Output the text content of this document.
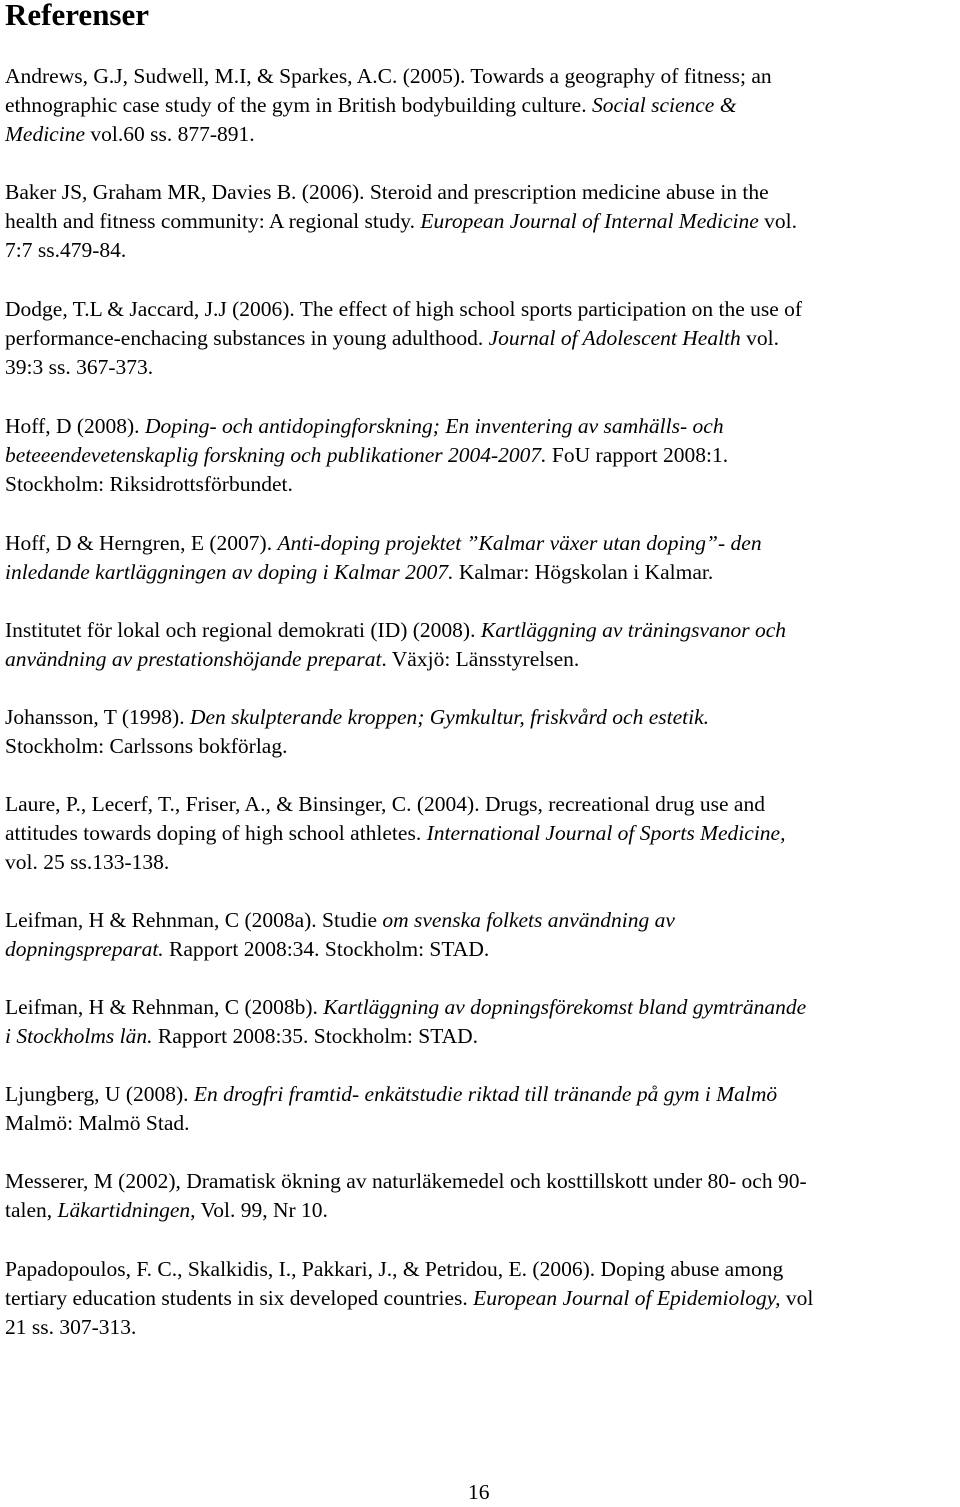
Referenser

Andrews, G.J, Sudwell, M.I, & Sparkes, A.C. (2005). Towards a geography of fitness; an
ethnographic case study of the gym in British bodybuilding culture. Social science &
Medicine vol.60 ss. 877-891.

Baker JS, Graham MR, Davies B. (2006). Steroid and prescription medicine abuse in the
health and fitness community: A regional study. European Journal of Internal Medicine vol.
7:7 ss.479-84.

Dodge, T.L & Jaccard, J.J (2006). The effect of high school sports participation on the use of
performance-enchacing substances in young adulthood. Journal of Adolescent Health vol.
39:3 ss. 367-373.

Hoff, D (2008). Doping- och antidopingforskning; En inventering av samhälls- och
beteeendevetenskaplig forskning och publikationer 2004-2007. FoU rapport 2008:1.
Stockholm: Riksidrottsförbundet.

Hoff, D & Herngren, E (2007). Anti-doping projektet ”Kalmar växer utan doping”- den
inledande kartläggningen av doping i Kalmar 2007. Kalmar: Högskolan i Kalmar.

Institutet för lokal och regional demokrati (ID) (2008). Kartläggning av träningsvanor och
användning av prestationshöjande preparat. Växjö: Länsstyrelsen.

Johansson, T (1998). Den skulpterande kroppen; Gymkultur, friskvård och estetik.
Stockholm: Carlssons bokförlag.

Laure, P., Lecerf, T., Friser, A., & Binsinger, C. (2004). Drugs, recreational drug use and
attitudes towards doping of high school athletes. International Journal of Sports Medicine,
vol. 25 ss.133-138.

Leifman, H & Rehnman, C (2008a). Studie om svenska folkets användning av
dopningspreparat. Rapport 2008:34. Stockholm: STAD.

Leifman, H & Rehnman, C (2008b). Kartläggning av dopningsförekomst bland gymtränande
i Stockholms län. Rapport 2008:35. Stockholm: STAD.

Ljungberg, U (2008). En drogfri framtid- enkätstudie riktad till tränande på gym i Malmö
Malmö: Malmö Stad.

Messerer, M (2002), Dramatisk ökning av naturläkemedel och kosttillskott under 80- och 90-
talen, Läkartidningen, Vol. 99, Nr 10.

Papadopoulos, F. C., Skalkidis, I., Pakkari, J., & Petridou, E. (2006). Doping abuse among
tertiary education students in six developed countries. European Journal of Epidemiology, vol
21 ss. 307-313.

16
